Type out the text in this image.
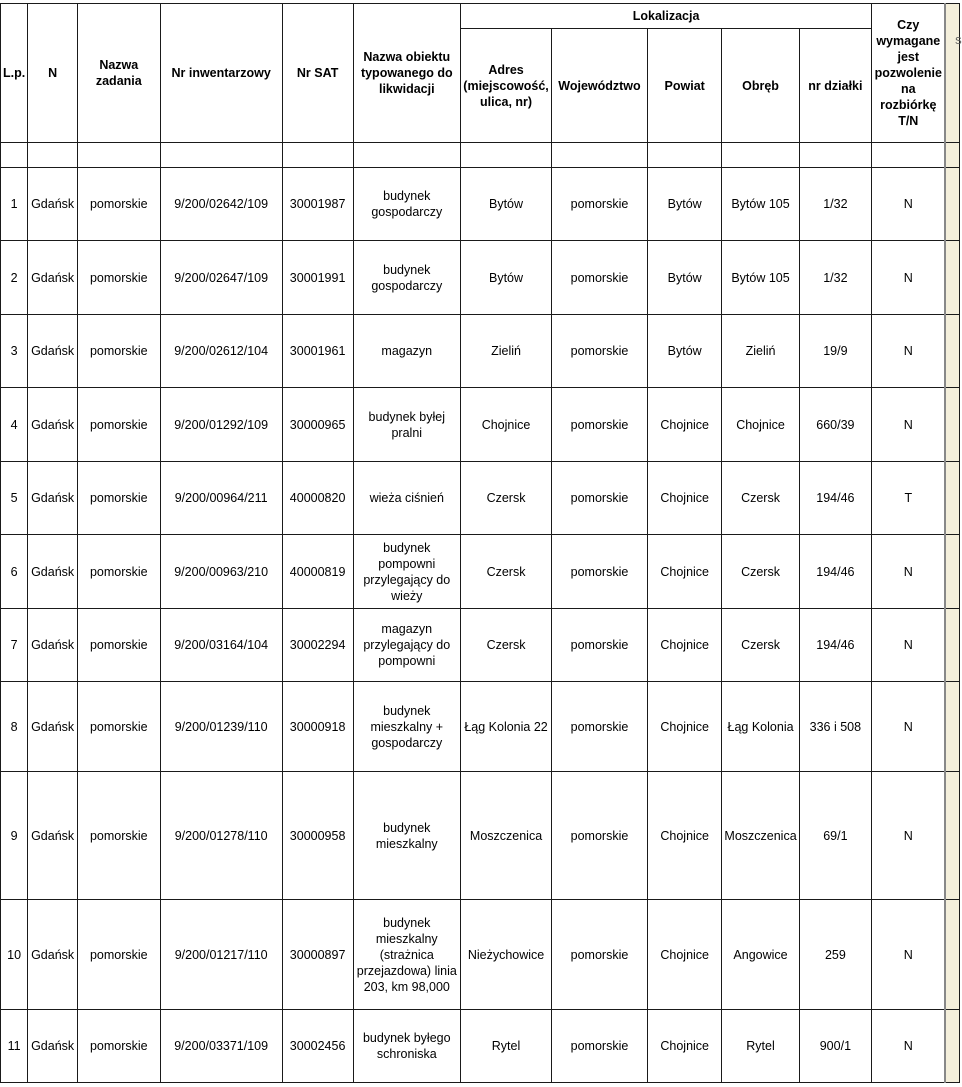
L.p.	N	Nazwa zadania	Nr inwentarzowy	Nr SAT	Nazwa obiektu typowanego do likwidacji	Lokalizacja					Czy wymagane jest pozwolenie na rozbiórkę T/N	
						Adres (miejscowość, ulica, nr)	Województwo	Powiat	Obręb	nr działki		

1	Gdańsk	pomorskie	9/200/02642/109	30001987	budynek gospodarczy	Bytów	pomorskie	Bytów	Bytów 105	1/32	N	
2	Gdańsk	pomorskie	9/200/02647/109	30001991	budynek gospodarczy	Bytów	pomorskie	Bytów	Bytów 105	1/32	N	
3	Gdańsk	pomorskie	9/200/02612/104	30001961	magazyn	Zieliń	pomorskie	Bytów	Zieliń	19/9	N	
4	Gdańsk	pomorskie	9/200/01292/109	30000965	budynek byłej pralni	Chojnice	pomorskie	Chojnice	Chojnice	660/39	N	
5	Gdańsk	pomorskie	9/200/00964/211	40000820	wieża ciśnień	Czersk	pomorskie	Chojnice	Czersk	194/46	T	
6	Gdańsk	pomorskie	9/200/00963/210	40000819	budynek pompowni przylegający do wieży	Czersk	pomorskie	Chojnice	Czersk	194/46	N	
7	Gdańsk	pomorskie	9/200/03164/104	30002294	magazyn przylegający do pompowni	Czersk	pomorskie	Chojnice	Czersk	194/46	N	
8	Gdańsk	pomorskie	9/200/01239/110	30000918	budynek mieszkalny + gospodarczy	Łąg Kolonia 22	pomorskie	Chojnice	Łąg Kolonia	336 i 508	N	
9	Gdańsk	pomorskie	9/200/01278/110	30000958	budynek mieszkalny	Moszczenica	pomorskie	Chojnice	Moszczenica	69/1	N	
10	Gdańsk	pomorskie	9/200/01217/110	30000897	budynek mieszkalny (strażnica przejazdowa) linia 203, km 98,000	Nieżychowice	pomorskie	Chojnice	Angowice	259	N	
11	Gdańsk	pomorskie	9/200/03371/109	30002456	budynek byłego schroniska	Rytel	pomorskie	Chojnice	Rytel	900/1	N	
S
